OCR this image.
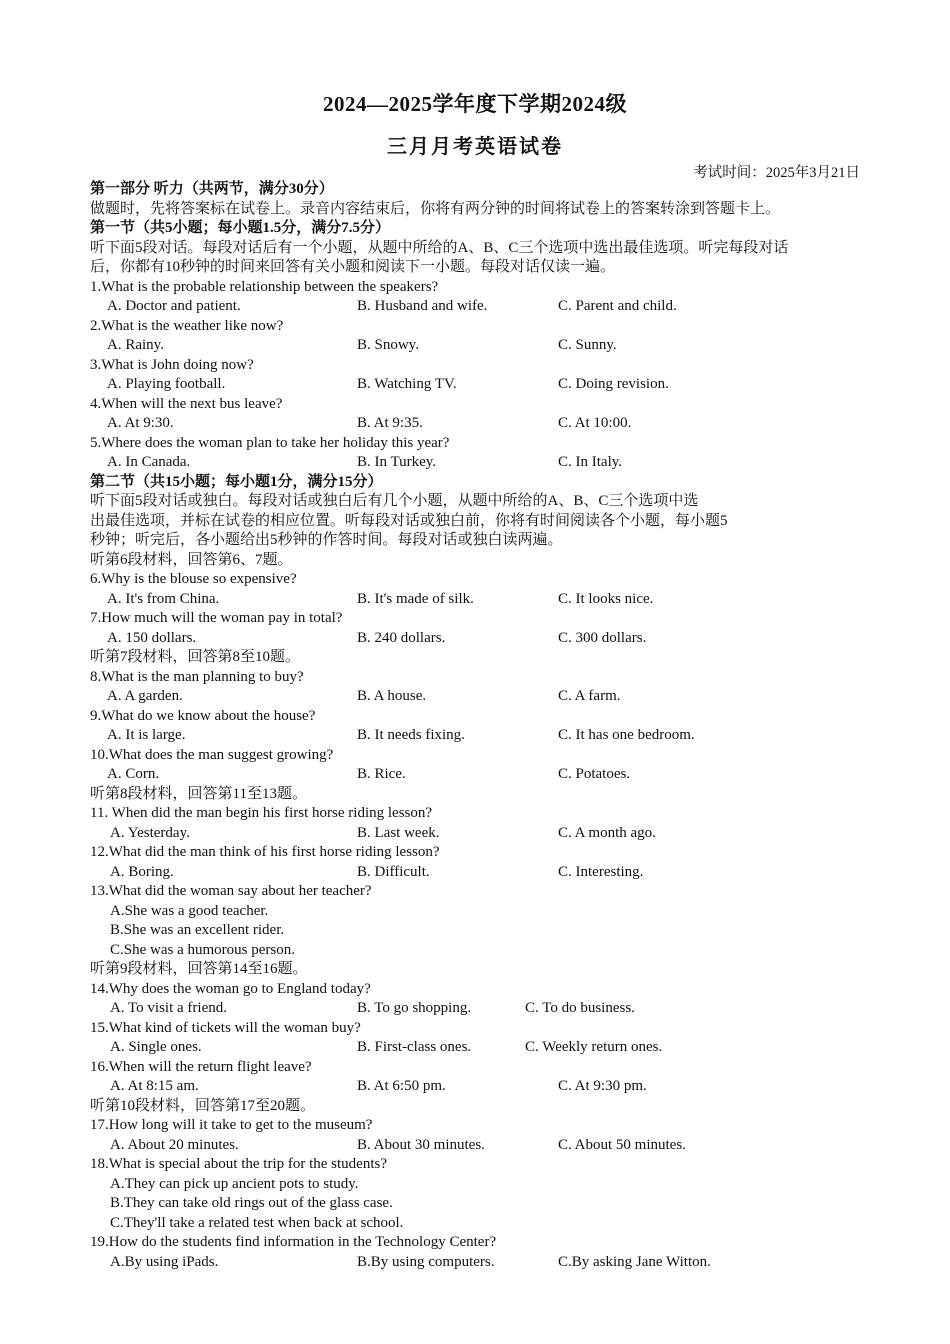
2024—2025学年度下学期2024级
三月月考英语试卷
考试时间：2025年3月21日
第一部分 听力（共两节，满分30分）
做题时，先将答案标在试卷上。录音内容结束后，你将有两分钟的时间将试卷上的答案转涂到答题卡上。
第一节（共5小题；每小题1.5分，满分7.5分）
听下面5段对话。每段对话后有一个小题，从题中所给的A、B、C三个选项中选出最佳选项。听完每段对话
后，你都有10秒钟的时间来回答有关小题和阅读下一小题。每段对话仅读一遍。
1.What is the probable relationship between the speakers?
A. Doctor and patient.	B. Husband and wife.	C. Parent and child.
2.What is the weather like now?
A. Rainy.	B. Snowy.	C. Sunny.
3.What is John doing now?
A. Playing football.	B. Watching TV.	C. Doing revision.
4.When will the next bus leave?
A. At 9:30.	B. At 9:35.	C. At 10:00.
5.Where does the woman plan to take her holiday this year?
A. In Canada.	B. In Turkey.	C. In Italy.
第二节（共15小题；每小题1分，满分15分）
听下面5段对话或独白。每段对话或独白后有几个小题，从题中所给的A、B、C三个选项中选
出最佳选项，并标在试卷的相应位置。听每段对话或独白前，你将有时间阅读各个小题，每小题5
秒钟；听完后，各小题给出5秒钟的作答时间。每段对话或独白读两遍。
听第6段材料，回答第6、7题。
6.Why is the blouse so expensive?
A. It's from China.	B. It's made of silk.	C. It looks nice.
7.How much will the woman pay in total?
A. 150 dollars.	B. 240 dollars.	C. 300 dollars.
听第7段材料，回答第8至10题。
8.What is the man planning to buy?
A. A garden.	B. A house.	C. A farm.
9.What do we know about the house?
A. It is large.	B. It needs fixing.	C. It has one bedroom.
10.What does the man suggest growing?
A. Corn.	B. Rice.	C. Potatoes.
听第8段材料，回答第11至13题。
11. When did the man begin his first horse riding lesson?
A. Yesterday.	B. Last week.	C. A month ago.
12.What did the man think of his first horse riding lesson?
A. Boring.	B. Difficult.	C. Interesting.
13.What did the woman say about her teacher?
A.She was a good teacher.
B.She was an excellent rider.
C.She was a humorous person.
听第9段材料，回答第14至16题。
14.Why does the woman go to England today?
A. To visit a friend.	B. To go shopping.	C. To do business.
15.What kind of tickets will the woman buy?
A. Single ones.	B. First-class ones.	C. Weekly return ones.
16.When will the return flight leave?
A. At 8:15 am.	B. At 6:50 pm.	C. At 9:30 pm.
听第10段材料，回答第17至20题。
17.How long will it take to get to the museum?
A. About 20 minutes.	B. About 30 minutes.	C. About 50 minutes.
18.What is special about the trip for the students?
A.They can pick up ancient pots to study.
B.They can take old rings out of the glass case.
C.They'll take a related test when back at school.
19.How do the students find information in the Technology Center?
A.By using iPads.	B.By using computers.	C.By asking Jane Witton.
